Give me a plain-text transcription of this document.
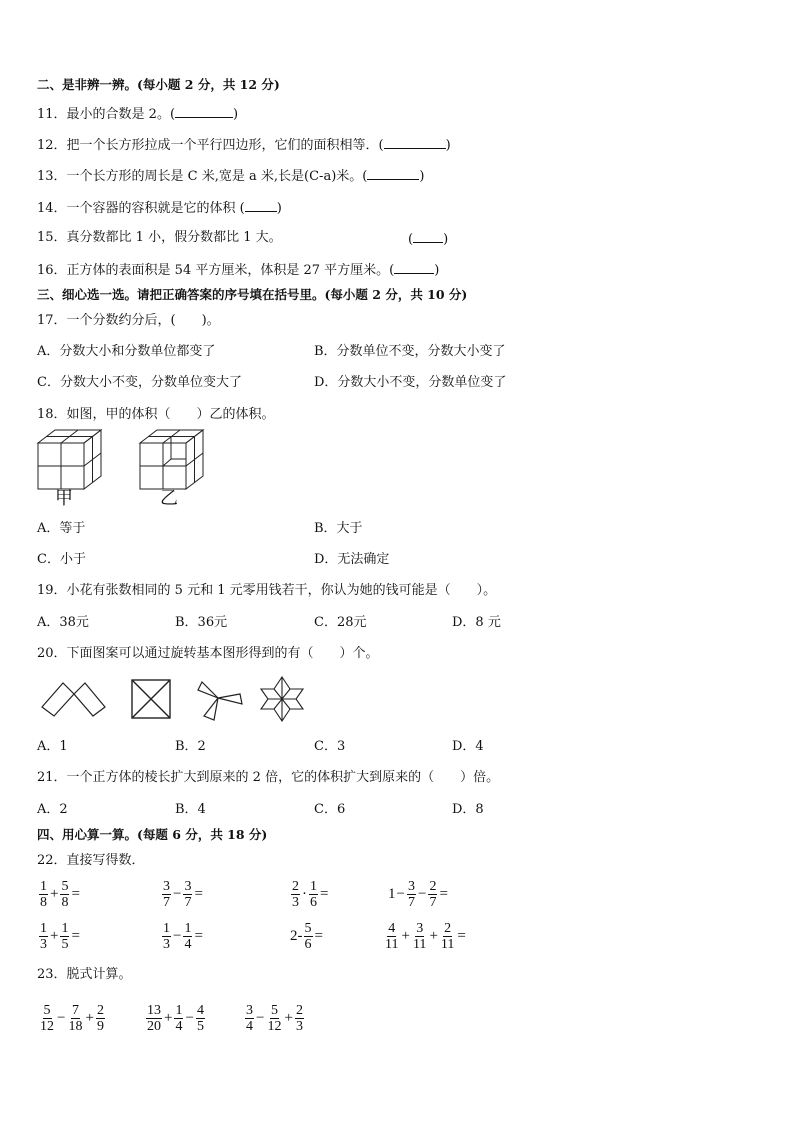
二、是非辨一辨。(每小题 2 分，共 12 分)
11．最小的合数是 2。(	)
12．把一个长方形拉成一个平行四边形，它们的面积相等．(	)
13．一个长方形的周长是 C 米,宽是 a 米,长是(C-a)米。(	)
14．一个容器的容积就是它的体积 ( )
15．真分数都比 1 小，假分数都比 1 大。	( )
16．正方体的表面积是 54 平方厘米，体积是 27 平方厘米。(	)
三、细心选一选。请把正确答案的序号填在括号里。(每小题 2 分，共 10 分)
17．一个分数约分后，(　　)。
A．分数大小和分数单位都变了	B．分数单位不变，分数大小变了
C．分数大小不变，分数单位变大了	D．分数大小不变，分数单位变了
18．如图，甲的体积（　　）乙的体积。
甲	乙
A．等于	B．大于
C．小于	D．无法确定
19．小花有张数相同的 5 元和 1 元零用钱若干，你认为她的钱可能是（　　）。
A．38元	B．36元	C．28元	D．8 元
20．下面图案可以通过旋转基本图形得到的有（　　）个。
A．1	B．2	C．3	D．4
21．一个正方体的棱长扩大到原来的 2 倍，它的体积扩大到原来的（　　）倍。
A．2	B．4	C．6	D．8
四、用心算一算。(每题 6 分，共 18 分)
22．直接写得数．
$\frac{1}{8} + \frac{5}{8}$ =	$\frac{3}{7} - \frac{3}{7}$ =	$\frac{2}{3} \cdot \frac{1}{6}$ =	$1 - \frac{3}{7} - \frac{2}{7}$ =
$\frac{1}{3} + \frac{1}{5}$ =	$\frac{1}{3} - \frac{1}{4}$ =	$2- \frac{5}{6}$ =	$\frac{4}{11} + \frac{3}{11} + \frac{2}{11}$ =
23．脱式计算。
$\frac{5}{12} - \frac{7}{18} + \frac{2}{9}$	$\frac{13}{20} + \frac{1}{4} - \frac{4}{5}$	$\frac{3}{4} - \frac{5}{12} + \frac{2}{3}$
